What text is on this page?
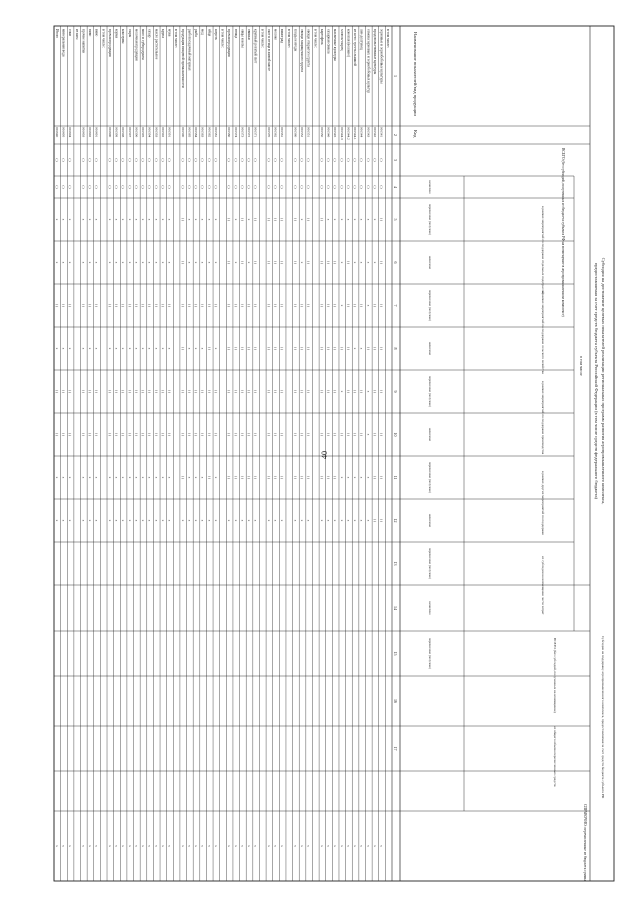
40	Субсидия на достижение целевых показателей реализации региональных программ развития агропромышленного комплекса,
предоставляемая за счет средств бюджета субъекта Российской Федерации (в том числе средств федерального бюджета)
Наименование показателей/вид продукции
Код
ВСЕГО (без субсидий, полученных из бюджета субъекта РФ на возмещение в агропромышленном комплексе)
в том числе
в рамках мероприятий по поддержке отдельных подотраслей
в рамках мероприятий по поддержке сельского хозяйства
в рамках мероприятий по поддержке производства
в рамках других мероприятий по поддержке
из субсидии на возмещение части затрат
Субсидия на поддержку агропромышленного комплекса, предоставляемая за счет средств бюджета субъекта РФ
ВСЕГО (без субсидий, полученных на возмещение)
из общего объема перечисленных средств
СПРАВОЧНО: перечисленные из бюджета суммы
начислено
перечислено (получено)
начислено
перечислено (получено)
начислено
перечислено (получено)
начислено
перечислено (получено)
начислено
перечислено (получено)
начислено
перечислено (получено)
1
2
3
4
5
6
7
8
9
10
11
12
13
14
15
16
17
в том числе:
зерновые и зернобобовые культуры
001541
( )
( )
( )
( )
( )
( )
( )
( )
( )
( )
x
продовольственные культуры
001542
( )
( )
x
x
( )
( )
( )
( )
( )
( )
x
семена зерновых и зернобобовых культур
001543
( )
( )
x
x
x
( )
x
x
x
x
x
лен-долгунец
001544
( )
( )
x
x
( )
x
( )
( )
x
x
x
из него: тресты льняной
001544.1
( )
( )
x
x
( )
x
( )
( )
x
x
x
конопля (волокно)
001544.2
( )
( )
x
( )
( )
( )
( )
( )
x
x
x
хлопок-сырец
001544.3
( )
( )
x
x
x
( )
x
( )
x
x
x
масличные культуры
001545
( )
( )
x
( )
( )
( )
( )
( )
( )
x
x
сахарная свекла
001546
( )
( )
x
( )
( )
( )
( )
( )
( )
x
x
картофель
001550
( )
( )
( )
( )
( )
( )
( )
( )
( )
x
x
в том числе:
овощи открытого грунта
001551
( )
( )
( )
( )
( )
( )
( )
( )
( )
x
x
овощи защищенного грунта
001552
( )
( )
x
x
( )
( )
( )
( )
( )
x
x
плоды и ягоды
001560
( )
( )
( )
( )
( )
( )
( )
( )
( )
x
x
в том числе:
виноград
001561
( )
( )
( )
( )
( )
( )
( )
( )
( )
x
x
молоко
001562
( )
( )
( )
( )
( )
( )
( )
( )
( )
x
x
скот и птица в живой массе
001570
( )
( )
( )
( )
( )
( )
( )
( )
( )
x
x
в том числе:
крупный рогатый скот
001571
( )
( )
( )
( )
( )
( )
( )
( )
( )
x
x
свиньи
001572
( )
( )
x
x
( )
( )
( )
( )
( )
x
x
овцы и козы
001573
( )
( )
( )
( )
( )
( )
( )
( )
( )
x
x
птица
001574
( )
( )
x
x
( )
( )
( )
( )
( )
x
x
прочая продукция
001580
( )
( )
( )
( )
( )
( )
( )
( )
( )
x
x
в том числе:
шерсть
001581
( )
( )
x
x
( )
x
( )
( )
x
x
x
яйца
001582
( )
( )
x
x
( )
( )
( )
( )
( )
x
x
мед
001583
( )
( )
x
x
( )
x
( )
( )
x
x
x
рыба
001584
( )
( )
x
x
( )
x
( )
( )
x
x
x
рыбопосадочный материал
001585
( )
( )
x
x
( )
x
( )
( )
x
x
x
продукция пищевой промышленности
001590
( )
( )
( )
( )
( )
( )
( )
( )
( )
x
x
в том числе:
мука
001591
( )
( )
x
x
( )
x
( )
( )
x
x
x
крупа
001592
( )
( )
x
x
( )
x
( )
( )
x
x
x
масло растительное
001593
( )
( )
x
x
( )
x
( )
( )
x
x
x
сахар
001594
( )
( )
x
x
( )
x
( )
( )
x
x
x
мясо и субпродукты
001595
( )
( )
x
x
( )
x
( )
( )
x
x
x
молочная продукция
001596
( )
( )
x
x
( )
x
( )
( )
x
x
x
сыры
001597
( )
( )
x
x
( )
x
( )
( )
x
x
x
консервы
001598
( )
( )
x
x
( )
x
( )
( )
x
x
x
корма
001599
( )
( )
x
x
( )
x
( )
( )
x
x
x
прочая продукция
001600
( )
( )
x
x
( )
x
( )
( )
x
x
x
в том числе:
вино
001601
( )
( )
x
x
( )
x
( )
( )
x
x
x
пиво
001602
( )
( )
x
x
( )
x
( )
( )
x
x
x
прочие напитки
001603
( )
( )
x
x
( )
x
( )
( )
x
x
x
из них:
соки
001604
( )
( )
x
x
( )
x
( )
( )
x
x
x
минеральная вода
001605
( )
( )
x
x
( )
x
( )
( )
x
x
x
Итого
001640
( )
( )
x
x
( )
x
( )
( )
x
x
x
